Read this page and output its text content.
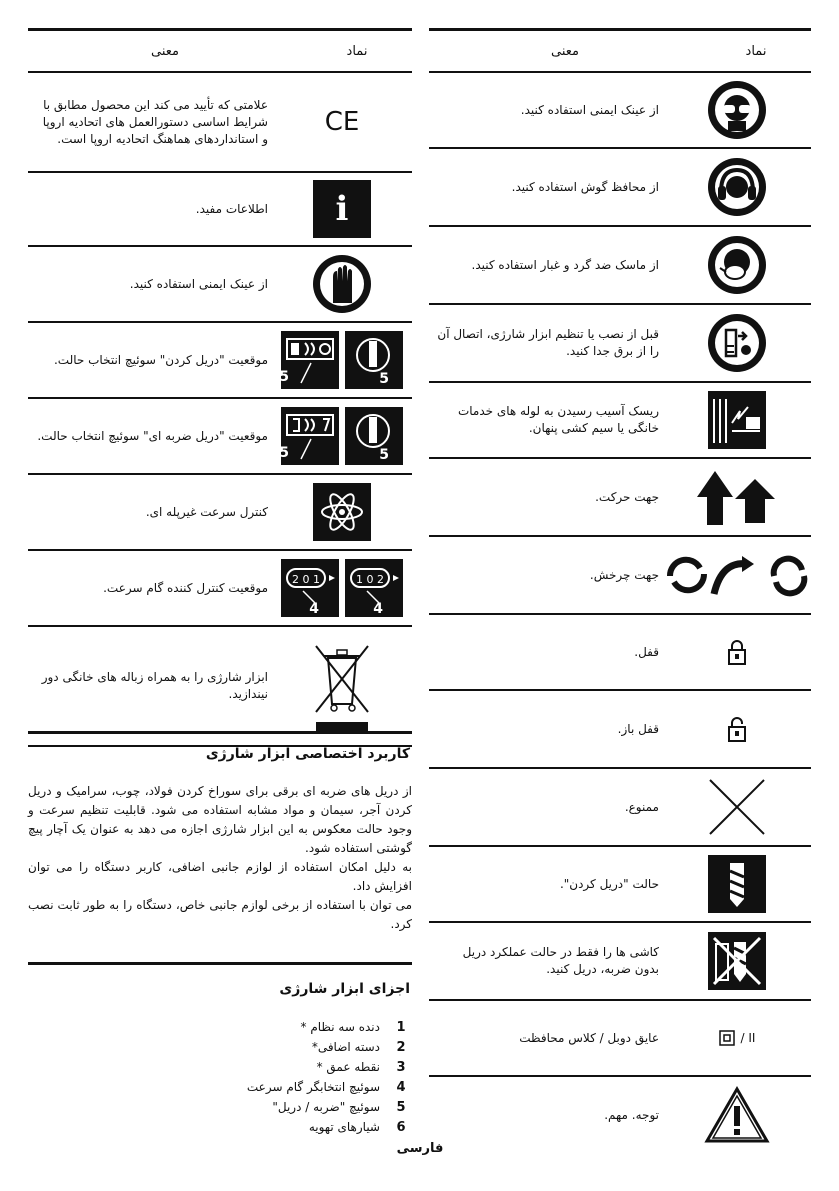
نماد
معنی
از عینک ایمنی استفاده کنید.
از محافظ گوش استفاده کنید.
از ماسک ضد گرد و غبار استفاده کنید.
قبل از نصب یا تنظیم ابزار شارژی، اتصال آن را از برق جدا کنید.
ریسک آسیب رسیدن به لوله های خدمات خانگی یا سیم کشی پنهان.
جهت حرکت.
جهت چرخش.
قفل.
قفل باز.
ممنوع.
حالت "دریل کردن".
کاشی ها را فقط در حالت عملکرد دریل بدون ضربه، دریل کنید.
/ II
عایق دوبل / کلاس محافظت
توجه. مهم.
نماد
معنی
CE
علامتی که تأیید می کند این محصول مطابق با شرایط اساسی دستورالعمل های اتحادیه اروپا و استانداردهای هماهنگ اتحادیه اروپا است.
i
اطلاعات مفید.
از عینک ایمنی استفاده کنید.
5
5
موقعیت "دریل کردن" سوئیچ انتخاب حالت.
5
5
موقعیت "دریل ضربه ای" سوئیچ انتخاب حالت.
کنترل سرعت غیرپله ای.
2 0 1
4
1 0 2
4
موقعیت کنترل کننده گام سرعت.
ابزار شارژی را به همراه زباله های خانگی دور نیندازید.
کاربرد اختصاصی ابزار شارژی

از دریل های ضربه ای برقی برای سوراخ کردن فولاد، چوب، سرامیک و دریل کردن آجر، سیمان و مواد مشابه استفاده می شود. قابلیت تنظیم سرعت و وجود حالت معکوس به این ابزار شارژی اجازه می دهد به عنوان یک آچار پیچ گوشتی استفاده شود.

به دلیل امکان استفاده از لوازم جانبی اضافی، کاربر دستگاه را می توان افزایش داد.

می توان با استفاده از برخی لوازم جانبی خاص، دستگاه را به طور ثابت نصب کرد.

اجزای ابزار شارژی
1
دنده سه نظام *
2
دسته اضافی*
3
نقطه عمق *
4
سوئیچ انتخابگر گام سرعت
5
سوئیچ "ضربه / دریل"
6
شیارهای تهویه
فارسی
